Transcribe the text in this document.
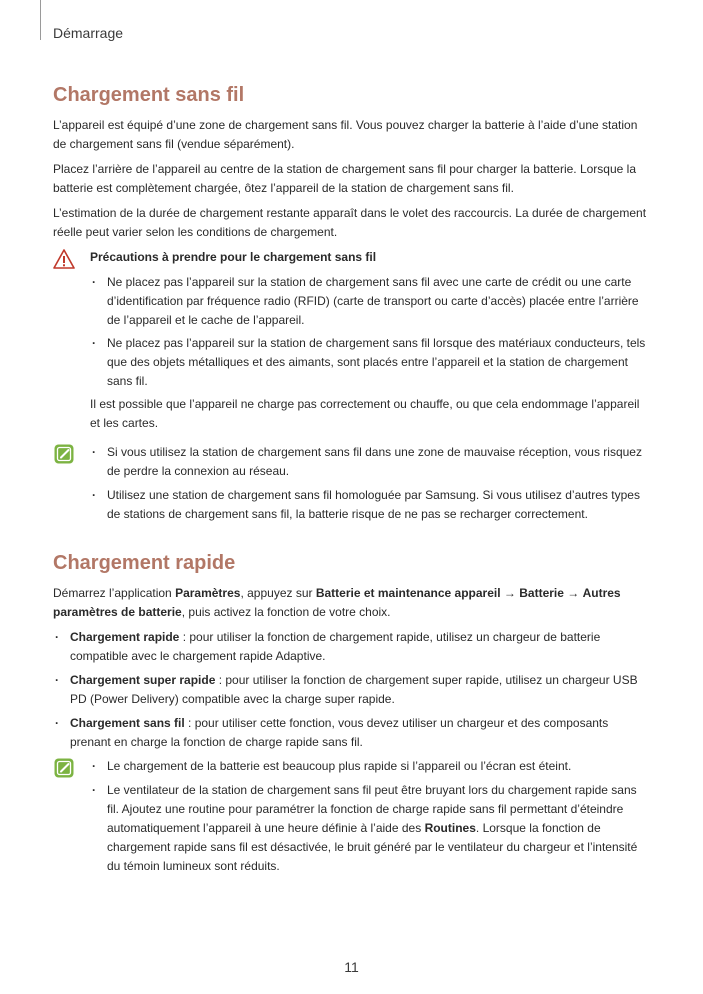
Démarrage
Chargement sans fil

L’appareil est équipé d’une zone de chargement sans fil. Vous pouvez charger la batterie à l’aide d’une station de chargement sans fil (vendue séparément).

Placez l’arrière de l’appareil au centre de la station de chargement sans fil pour charger la batterie. Lorsque la batterie est complètement chargée, ôtez l’appareil de la station de chargement sans fil.

L’estimation de la durée de chargement restante apparaît dans le volet des raccourcis. La durée de chargement réelle peut varier selon les conditions de chargement.

Précautions à prendre pour le chargement sans fil
· Ne placez pas l’appareil sur la station de chargement sans fil avec une carte de crédit ou une carte d’identification par fréquence radio (RFID) (carte de transport ou carte d’accès) placée entre l’arrière de l’appareil et le cache de l’appareil.
· Ne placez pas l’appareil sur la station de chargement sans fil lorsque des matériaux conducteurs, tels que des objets métalliques et des aimants, sont placés entre l’appareil et la station de chargement sans fil.

Il est possible que l’appareil ne charge pas correctement ou chauffe, ou que cela endommage l’appareil et les cartes.

· Si vous utilisez la station de chargement sans fil dans une zone de mauvaise réception, vous risquez de perdre la connexion au réseau.
· Utilisez une station de chargement sans fil homologuée par Samsung. Si vous utilisez d’autres types de stations de chargement sans fil, la batterie risque de ne pas se recharger correctement.
Chargement rapide

Démarrez l’application Paramètres, appuyez sur Batterie et maintenance appareil → Batterie → Autres paramètres de batterie, puis activez la fonction de votre choix.

· Chargement rapide : pour utiliser la fonction de chargement rapide, utilisez un chargeur de batterie compatible avec le chargement rapide Adaptive.
· Chargement super rapide : pour utiliser la fonction de chargement super rapide, utilisez un chargeur USB PD (Power Delivery) compatible avec la charge super rapide.
· Chargement sans fil : pour utiliser cette fonction, vous devez utiliser un chargeur et des composants prenant en charge la fonction de charge rapide sans fil.
· Le chargement de la batterie est beaucoup plus rapide si l’appareil ou l’écran est éteint.
· Le ventilateur de la station de chargement sans fil peut être bruyant lors du chargement rapide sans fil. Ajoutez une routine pour paramétrer la fonction de charge rapide sans fil permettant d’éteindre automatiquement l’appareil à une heure définie à l’aide des Routines. Lorsque la fonction de chargement rapide sans fil est désactivée, le bruit généré par le ventilateur du chargeur et l’intensité du témoin lumineux sont réduits.
11
